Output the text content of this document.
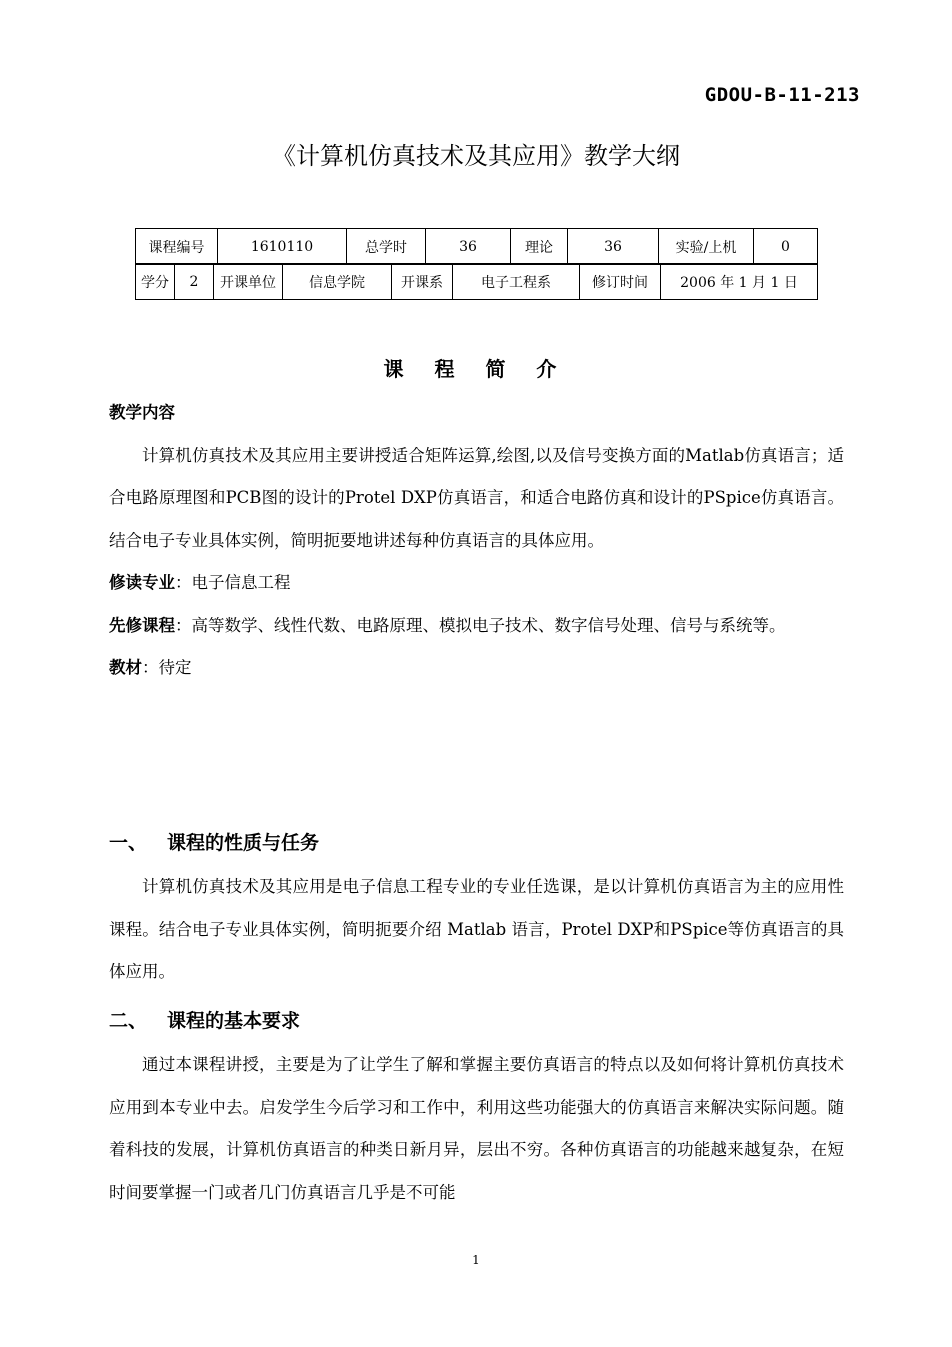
GDOU-B-11-213
《计算机仿真技术及其应用》教学大纲
课程编号	1610110	总学时	36	理论	36	实验/上机	0
学分	2	开课单位	信息学院	开课系	电子工程系	修订时间	2006 年 1 月 1 日
课 程 简 介
教学内容

计算机仿真技术及其应用主要讲授适合矩阵运算,绘图,以及信号变换方面的Matlab仿真语言；适合电路原理图和PCB图的设计的Protel DXP仿真语言，和适合电路仿真和设计的PSpice仿真语言。结合电子专业具体实例，简明扼要地讲述每种仿真语言的具体应用。

修读专业：电子信息工程
先修课程：高等数学、线性代数、电路原理、模拟电子技术、数字信号处理、信号与系统等。
教材：待定
一、 课程的性质与任务

计算机仿真技术及其应用是电子信息工程专业的专业任选课，是以计算机仿真语言为主的应用性课程。结合电子专业具体实例，简明扼要介绍 Matlab 语言，Protel DXP和PSpice等仿真语言的具体应用。

二、 课程的基本要求

通过本课程讲授，主要是为了让学生了解和掌握主要仿真语言的特点以及如何将计算机仿真技术应用到本专业中去。启发学生今后学习和工作中，利用这些功能强大的仿真语言来解决实际问题。随着科技的发展，计算机仿真语言的种类日新月异，层出不穷。各种仿真语言的功能越来越复杂，在短时间要掌握一门或者几门仿真语言几乎是不可能

1
